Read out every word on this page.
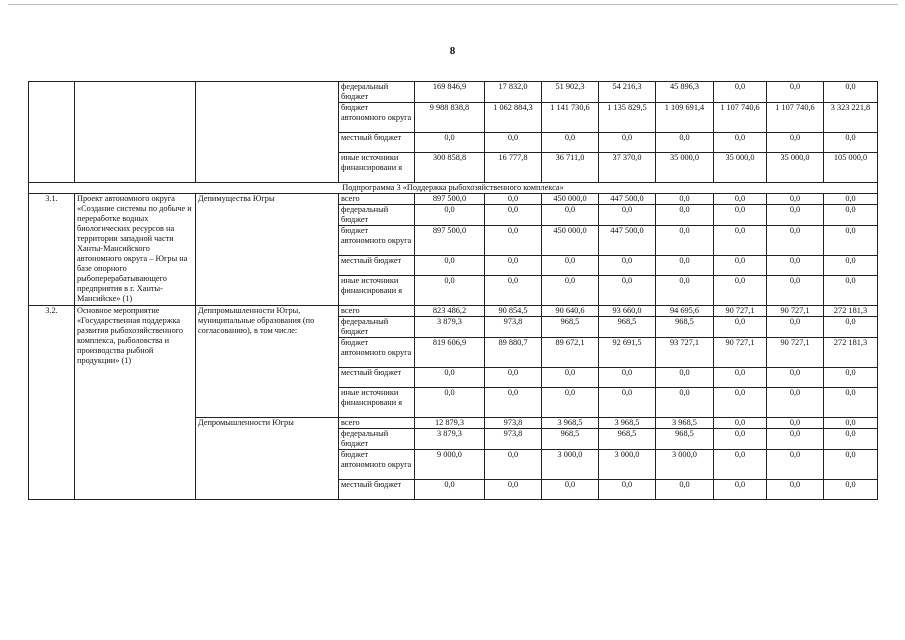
8
			федеральный бюджет	169 846,9	17 832,0	51 902,3	54 216,3	45 896,3	0,0	0,0	0,0
			бюджет автономного округа	9 988 838,8	1 062 884,3	1 141 730,6	1 135 829,5	1 109 691,4	1 107 740,6	1 107 740,6	3 323 221,8
			местный бюджет	0,0	0,0	0,0	0,0	0,0	0,0	0,0	0,0
			иные источники финансировани я	300 858,8	16 777,8	36 711,0	37 370,0	35 000,0	35 000,0	35 000,0	105 000,0
Подпрограмма 3 «Поддержка рыбохозяйственного комплекса»											
3.1.	Проект автономного округа «Создание системы по добыче и переработке водных биологических ресурсов на территории западной части Ханты-Мансийского автономного округа – Югры на базе опорного рыбоперерабатывающего предприятия в г. Ханты-Мансийске» (1)	Депимущества Югры	всего	897 500,0	0,0	450 000,0	447 500,0	0,0	0,0	0,0	0,0
			федеральный бюджет	0,0	0,0	0,0	0,0	0,0	0,0	0,0	0,0
			бюджет автономного округа	897 500,0	0,0	450 000,0	447 500,0	0,0	0,0	0,0	0,0
			местный бюджет	0,0	0,0	0,0	0,0	0,0	0,0	0,0	0,0
			иные источники финансировани я	0,0	0,0	0,0	0,0	0,0	0,0	0,0	0,0
3.2.	Основное мероприятие «Государственная поддержка развития рыбохозяйственного комплекса, рыболовства и производства рыбной продукции» (1)	Деппромышленности Югры, муниципальные образования (по согласованию), в том числе:	всего	823 486,2	90 854,5	90 640,6	93 660,0	94 695,6	90 727,1	90 727,1	272 181,3
			федеральный бюджет	3 879,3	973,8	968,5	968,5	968,5	0,0	0,0	0,0
			бюджет автономного округа	819 606,9	89 880,7	89 672,1	92 691,5	93 727,1	90 727,1	90 727,1	272 181,3
			местный бюджет	0,0	0,0	0,0	0,0	0,0	0,0	0,0	0,0
			иные источники финансировани я	0,0	0,0	0,0	0,0	0,0	0,0	0,0	0,0
		Депромышленности Югры	всего	12 879,3	973,8	3 968,5	3 968,5	3 968,5	0,0	0,0	0,0
			федеральный бюджет	3 879,3	973,8	968,5	968,5	968,5	0,0	0,0	0,0
			бюджет автономного округа	9 000,0	0,0	3 000,0	3 000,0	3 000,0	0,0	0,0	0,0
			местный бюджет	0,0	0,0	0,0	0,0	0,0	0,0	0,0	0,0
